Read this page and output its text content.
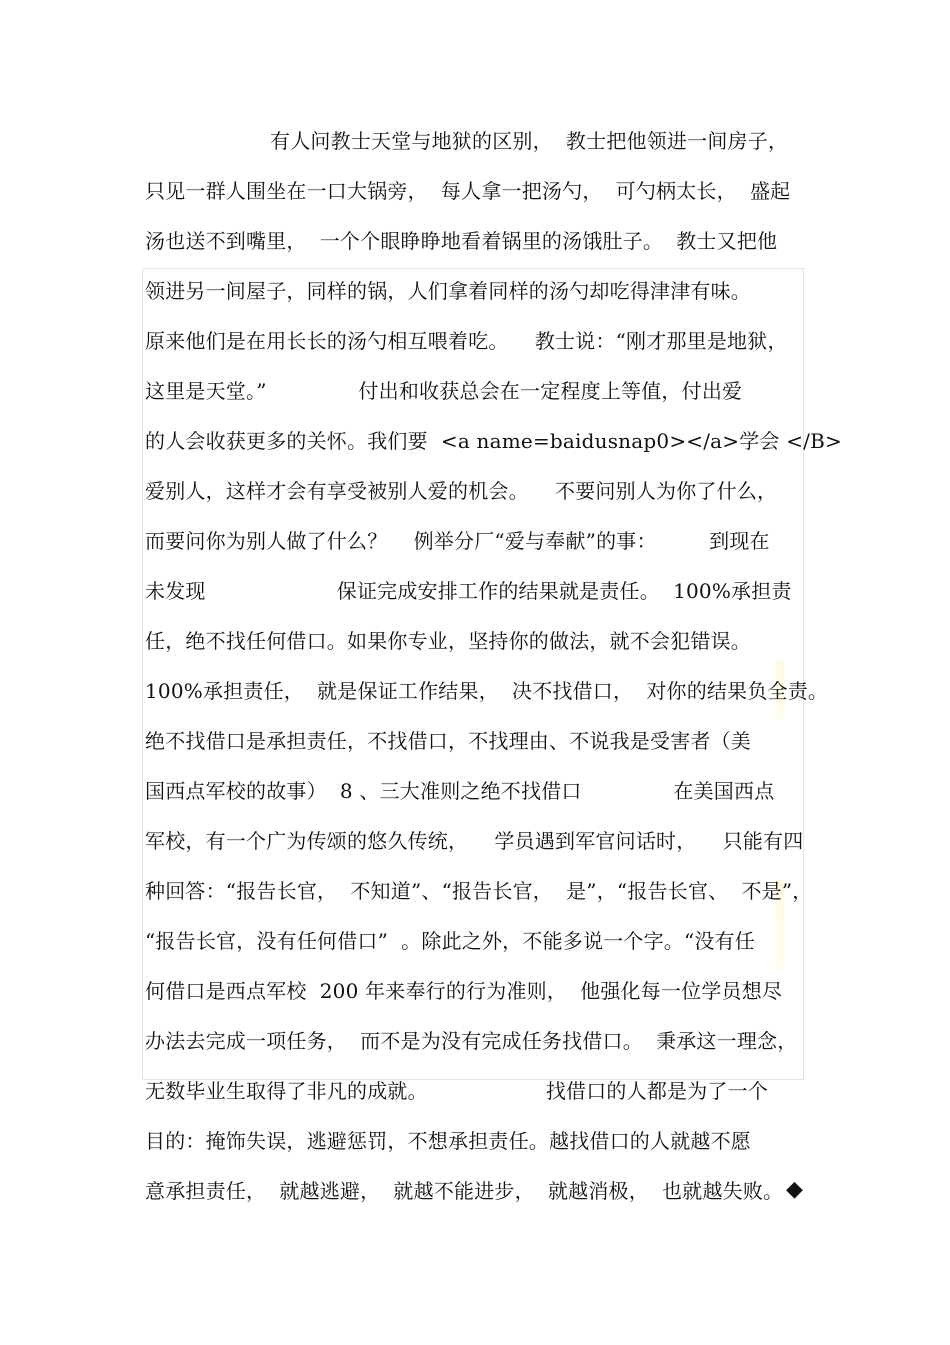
有人问教士天堂与地狱的区别，  教士把他领进一间房子，
只见一群人围坐在一口大锅旁，  每人拿一把汤勺，  可勺柄太长，  盛起
汤也送不到嘴里，  一个个眼睁睁地看着锅里的汤饿肚子。  教士又把他
领进另一间屋子，同样的锅，人们拿着同样的汤勺却吃得津津有味。
原来他们是在用长长的汤勺相互喂着吃。    教士说：“刚才那里是地狱，
这里是天堂。”              付出和收获总会在一定程度上等值，付出爱
的人会收获更多的关怀。我们要  <a name=baidusnap0></a>学会 </B>
爱别人，这样才会有享受被别人爱的机会。    不要问别人为你了什么，
而要问你为别人做了什么？    例举分厂“爱与奉献”的事：        到现在
未发现                    保证完成安排工作的结果就是责任。  100%承担责
任，绝不找任何借口。如果你专业，坚持你的做法，就不会犯错误。
100%承担责任，  就是保证工作结果，  决不找借口，  对你的结果负全责。
绝不找借口是承担责任，不找借口，不找理由、不说我是受害者（美
国西点军校的故事）  8 、三大准则之绝不找借口              在美国西点
军校，有一个广为传颂的悠久传统，    学员遇到军官问话时，    只能有四
种回答：“报告长官，  不知道”、“报告长官，  是”，“报告长官、  不是”，
“报告长官，没有任何借口”  。除此之外，不能多说一个字。“没有任
何借口是西点军校  200 年来奉行的行为准则，  他强化每一位学员想尽
办法去完成一项任务，  而不是为没有完成任务找借口。  秉承这一理念，
无数毕业生取得了非凡的成就。                  找借口的人都是为了一个
目的：掩饰失误，逃避惩罚，不想承担责任。越找借口的人就越不愿
意承担责任，  就越逃避，  就越不能进步，  就越消极，  也就越失败。 ◆
